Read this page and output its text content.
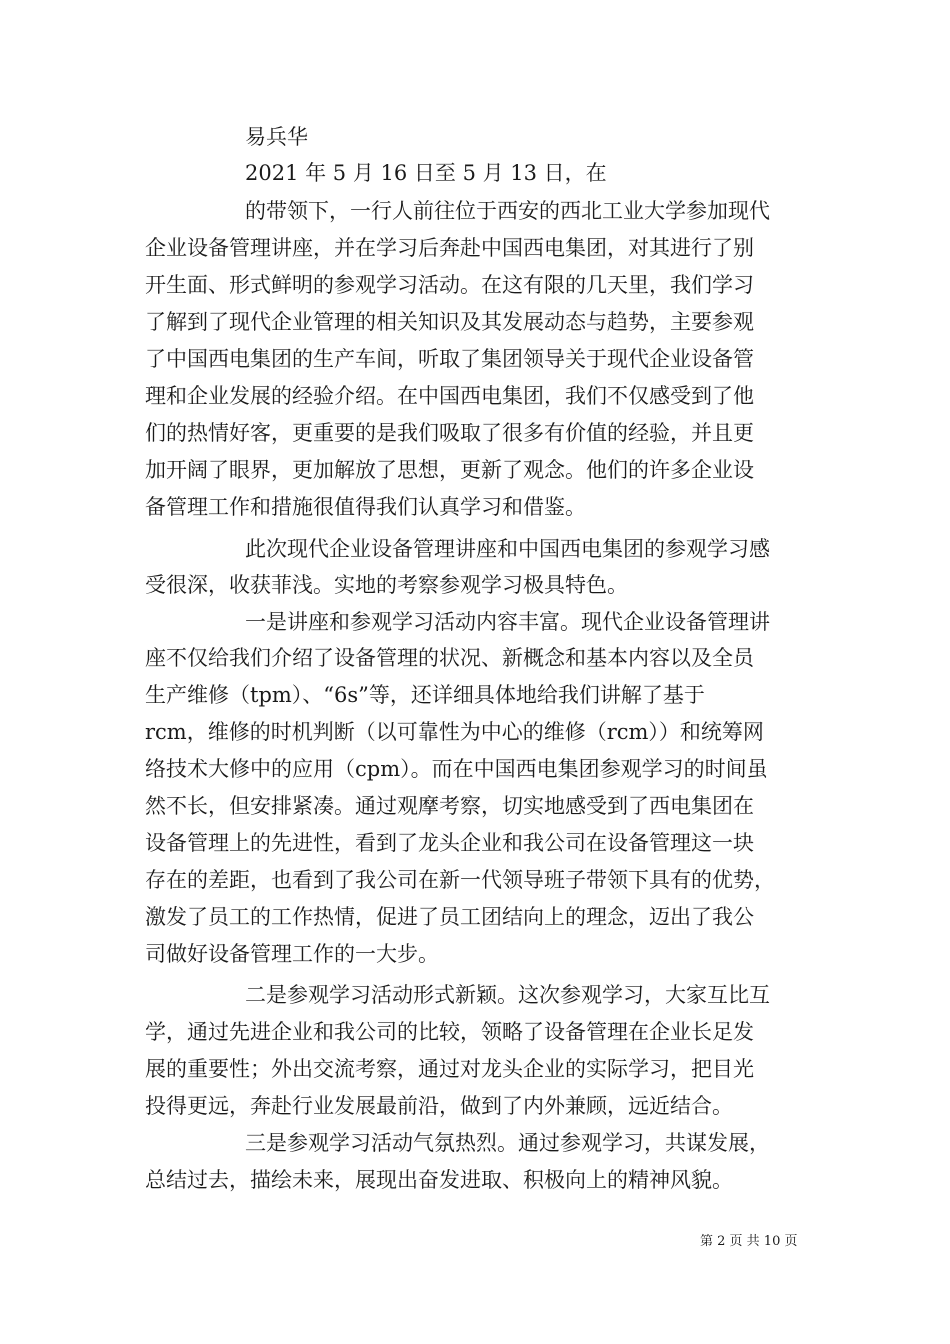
易兵华
2021 年 5 月 16 日至 5 月 13 日，在
的带领下，一行人前往位于西安的西北工业大学参加现代
企业设备管理讲座，并在学习后奔赴中国西电集团，对其进行了别
开生面、形式鲜明的参观学习活动。在这有限的几天里，我们学习
了解到了现代企业管理的相关知识及其发展动态与趋势，主要参观
了中国西电集团的生产车间，听取了集团领导关于现代企业设备管
理和企业发展的经验介绍。在中国西电集团，我们不仅感受到了他
们的热情好客，更重要的是我们吸取了很多有价值的经验，并且更
加开阔了眼界，更加解放了思想，更新了观念。他们的许多企业设
备管理工作和措施很值得我们认真学习和借鉴。
此次现代企业设备管理讲座和中国西电集团的参观学习感
受很深，收获菲浅。实地的考察参观学习极具特色。
一是讲座和参观学习活动内容丰富。现代企业设备管理讲
座不仅给我们介绍了设备管理的状况、新概念和基本内容以及全员
生产维修（tpm）、“6s”等，还详细具体地给我们讲解了基于
rcm，维修的时机判断（以可靠性为中心的维修（rcm））和统筹网
络技术大修中的应用（cpm）。而在中国西电集团参观学习的时间虽
然不长，但安排紧凑。通过观摩考察，切实地感受到了西电集团在
设备管理上的先进性，看到了龙头企业和我公司在设备管理这一块
存在的差距，也看到了我公司在新一代领导班子带领下具有的优势，
激发了员工的工作热情，促进了员工团结向上的理念，迈出了我公
司做好设备管理工作的一大步。
二是参观学习活动形式新颖。这次参观学习，大家互比互
学，通过先进企业和我公司的比较，领略了设备管理在企业长足发
展的重要性；外出交流考察，通过对龙头企业的实际学习，把目光
投得更远，奔赴行业发展最前沿，做到了内外兼顾，远近结合。
三是参观学习活动气氛热烈。通过参观学习，共谋发展，
总结过去，描绘未来，展现出奋发进取、积极向上的精神风貌。
第 2 页 共 10 页
